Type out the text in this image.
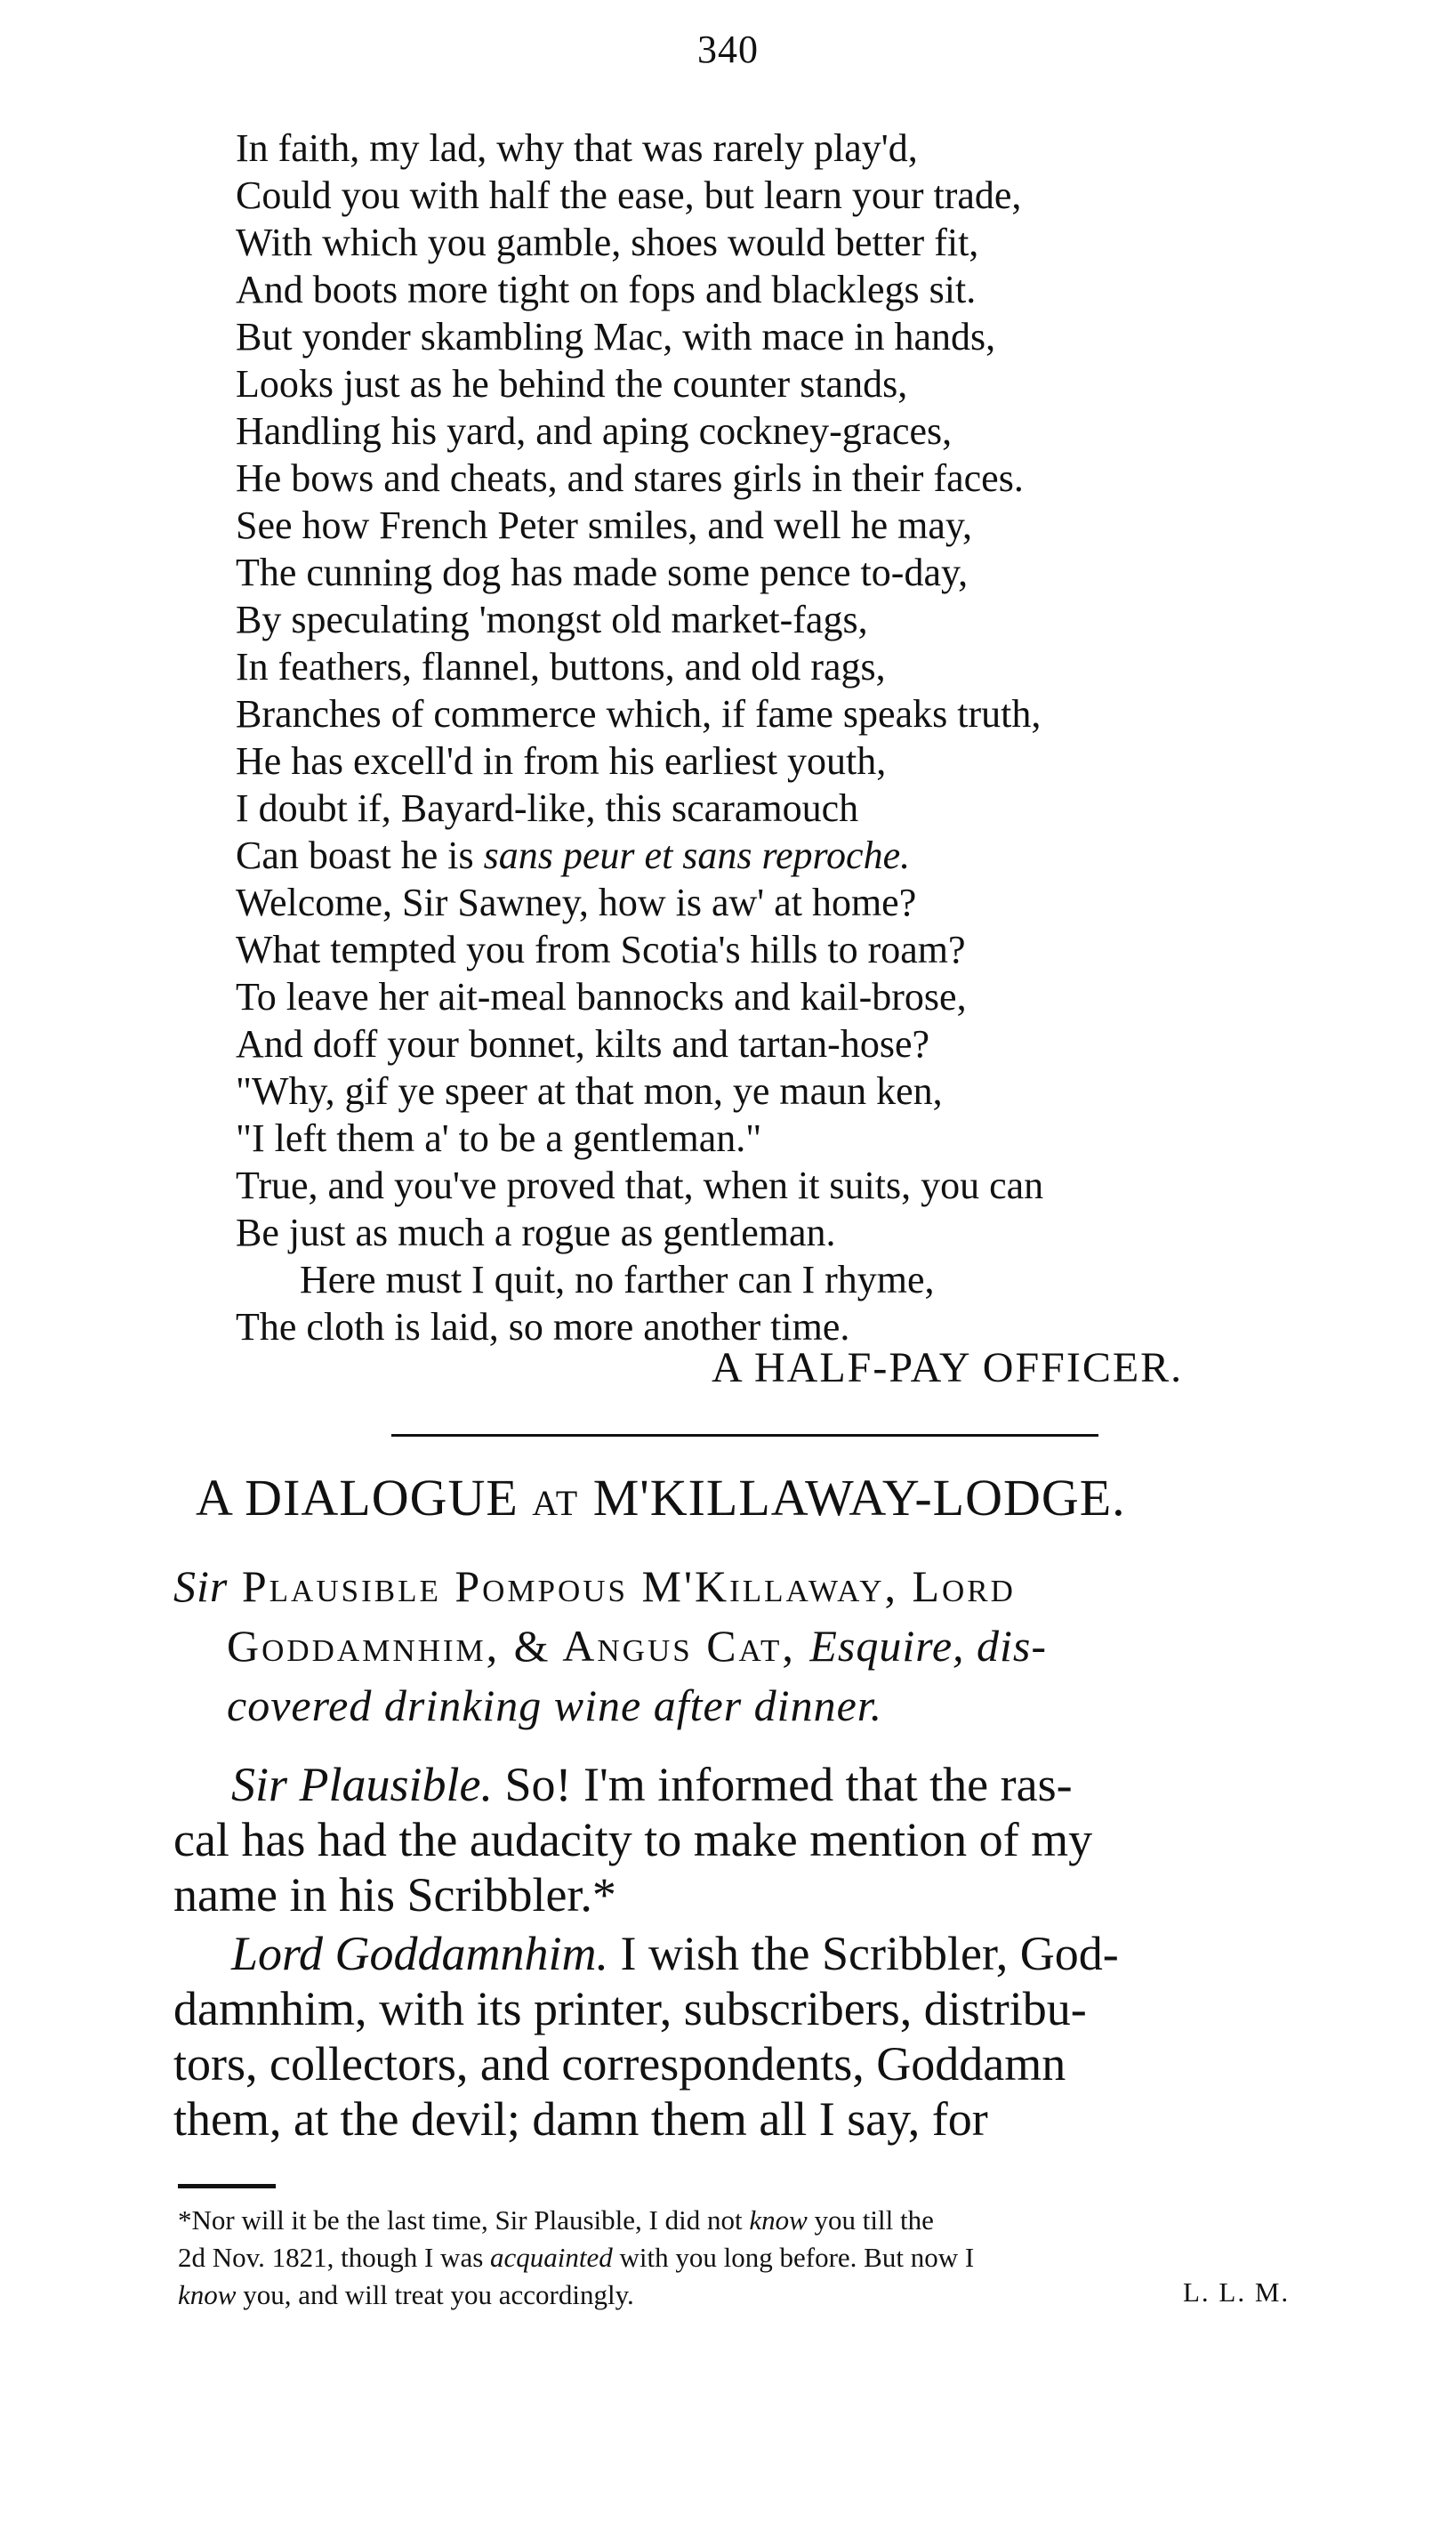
340
In faith, my lad, why that was rarely play'd,
Could you with half the ease, but learn your trade,
With which you gamble, shoes would better fit,
And boots more tight on fops and blacklegs sit.
But yonder skambling Mac, with mace in hands,
Looks just as he behind the counter stands,
Handling his yard, and aping cockney-graces,
He bows and cheats, and stares girls in their faces.
See how French Peter smiles, and well he may,
The cunning dog has made some pence to-day,
By speculating 'mongst old market-fags,
In feathers, flannel, buttons, and old rags,
Branches of commerce which, if fame speaks truth,
He has excell'd in from his earliest youth,
I doubt if, Bayard-like, this scaramouch
Can boast he is sans peur et sans reproche.
Welcome, Sir Sawney, how is aw' at home?
What tempted you from Scotia's hills to roam?
To leave her ait-meal bannocks and kail-brose,
And doff your bonnet, kilts and tartan-hose?
"Why, gif ye speer at that mon, ye maun ken,
"I left them a' to be a gentleman."
True, and you've proved that, when it suits, you can
Be just as much a rogue as gentleman.
Here must I quit, no farther can I rhyme,
The cloth is laid, so more another time.
A HALF-PAY OFFICER.
A DIALOGUE AT M'KILLAWAY-LODGE.
Sir Plausible Pompous M'Killaway, Lord
Goddamnhim, & Angus Cat, Esquire, dis-
covered drinking wine after dinner.
Sir Plausible. So! I'm informed that the ras-
cal has had the audacity to make mention of my
name in his Scribbler.*
Lord Goddamnhim. I wish the Scribbler, God-
damnhim, with its printer, subscribers, distribu-
tors, collectors, and correspondents, Goddamn
them, at the devil; damn them all I say, for
*Nor will it be the last time, Sir Plausible, I did not know you till the
2d Nov. 1821, though I was acquainted with you long before. But now I
know you, and will treat you accordingly.	L. L. M.
